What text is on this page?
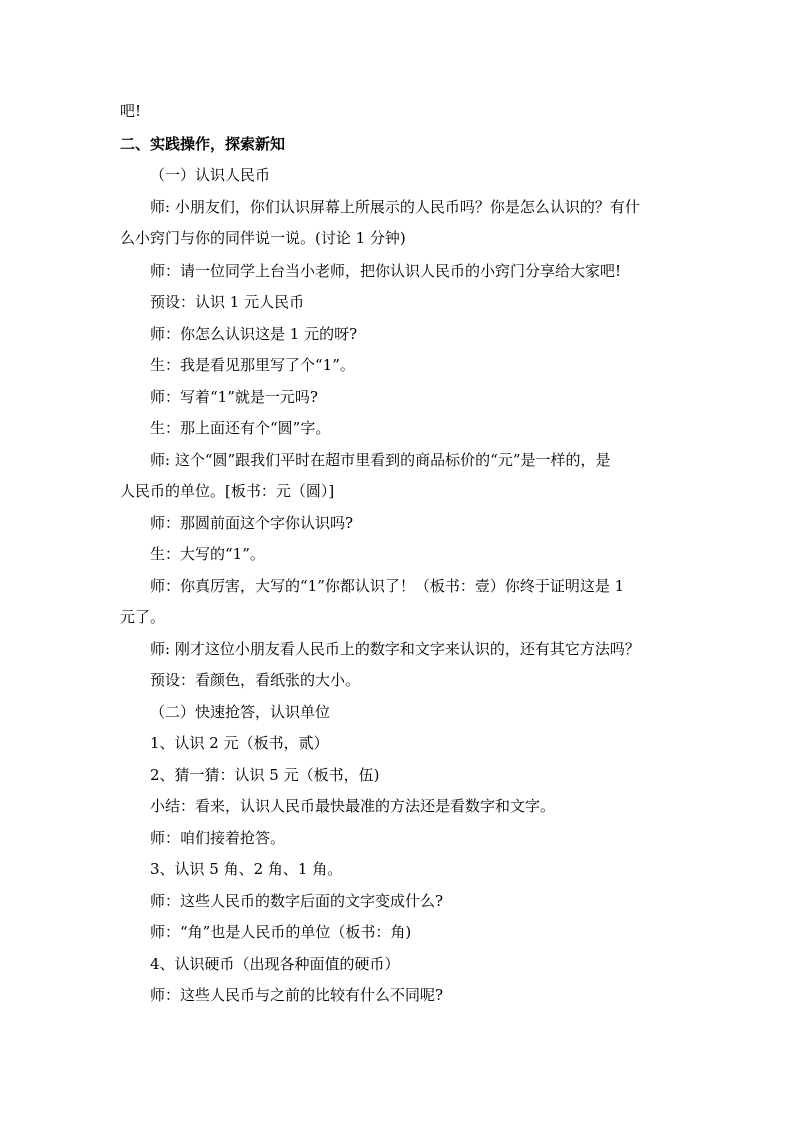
吧!
二、实践操作，探索新知
（一）认识人民币
师: 小朋友们，你们认识屏幕上所展示的人民币吗？你是怎么认识的？有什
么小窍门与你的同伴说一说。(讨论 1 分钟)
师：请一位同学上台当小老师，把你认识人民币的小窍门分享给大家吧!
预设：认识 1 元人民币
师：你怎么认识这是 1 元的呀?
生：我是看见那里写了个“1”。
师：写着“1”就是一元吗?
生：那上面还有个“圆”字。
师: 这个“圆”跟我们平时在超市里看到的商品标价的“元”是一样的，是
人民币的单位。[板书：元（圆）]
师：那圆前面这个字你认识吗?
生：大写的“1”。
师：你真厉害，大写的“1”你都认识了！（板书：壹）你终于证明这是 1
元了。
师: 刚才这位小朋友看人民币上的数字和文字来认识的，还有其它方法吗？
预设：看颜色，看纸张的大小。
（二）快速抢答，认识单位
1、认识 2 元（板书，贰）
2、猜一猜：认识 5 元（板书，伍)
小结：看来，认识人民币最快最准的方法还是看数字和文字。
师：咱们接着抢答。
3、认识 5 角、2 角、1 角。
师：这些人民币的数字后面的文字变成什么?
师：“角”也是人民币的单位（板书：角)
4、认识硬币（出现各种面值的硬币）
师：这些人民币与之前的比较有什么不同呢?
